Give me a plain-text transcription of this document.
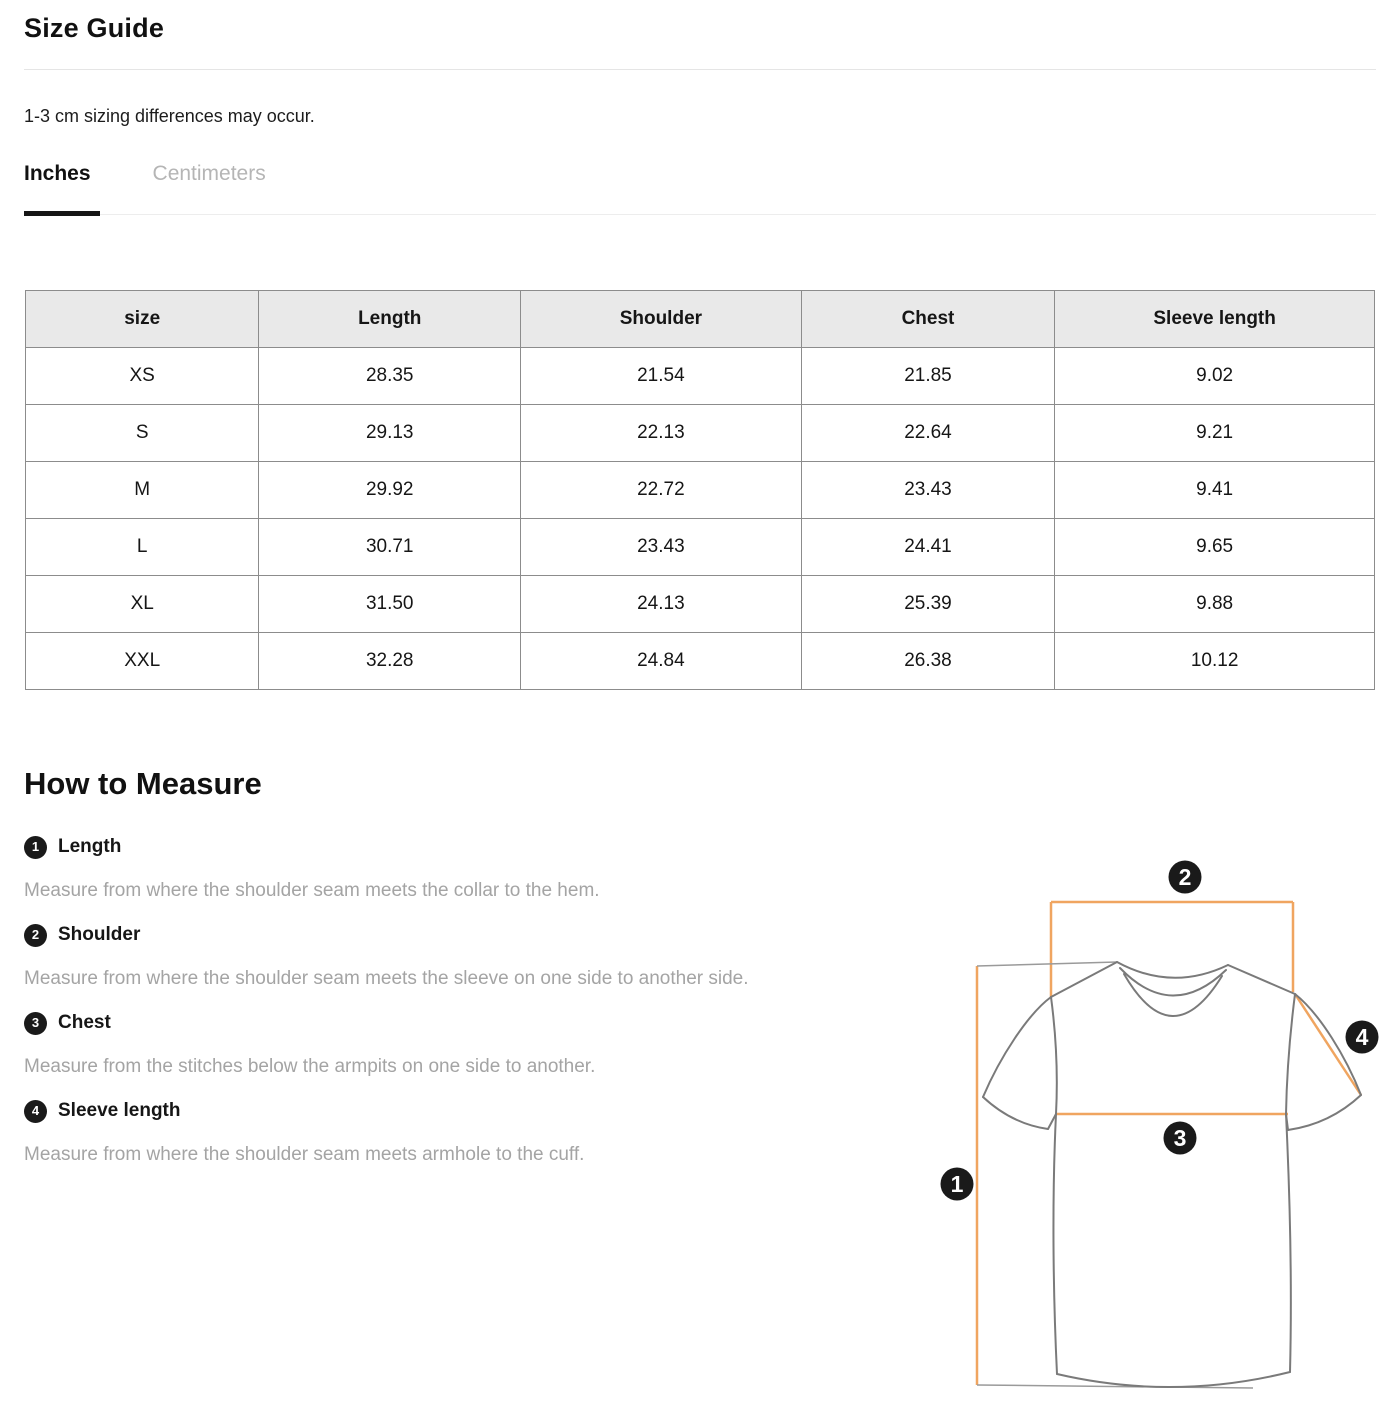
Size Guide

1-3 cm sizing differences may occur.

Inches	Centimeters
size	Length	Shoulder	Chest	Sleeve length
XS	28.35	21.54	21.85	9.02
S	29.13	22.13	22.64	9.21
M	29.92	22.72	23.43	9.41
L	30.71	23.43	24.41	9.65
XL	31.50	24.13	25.39	9.88
XXL	32.28	24.84	26.38	10.12
How to Measure
1 Length

Measure from where the shoulder seam meets the collar to the hem.

2 Shoulder

Measure from where the shoulder seam meets the sleeve on one side to another side.

3 Chest

Measure from the stitches below the armpits on one side to another.

4 Sleeve length

Measure from where the shoulder seam meets armhole to the cuff.

2
4
3
1
